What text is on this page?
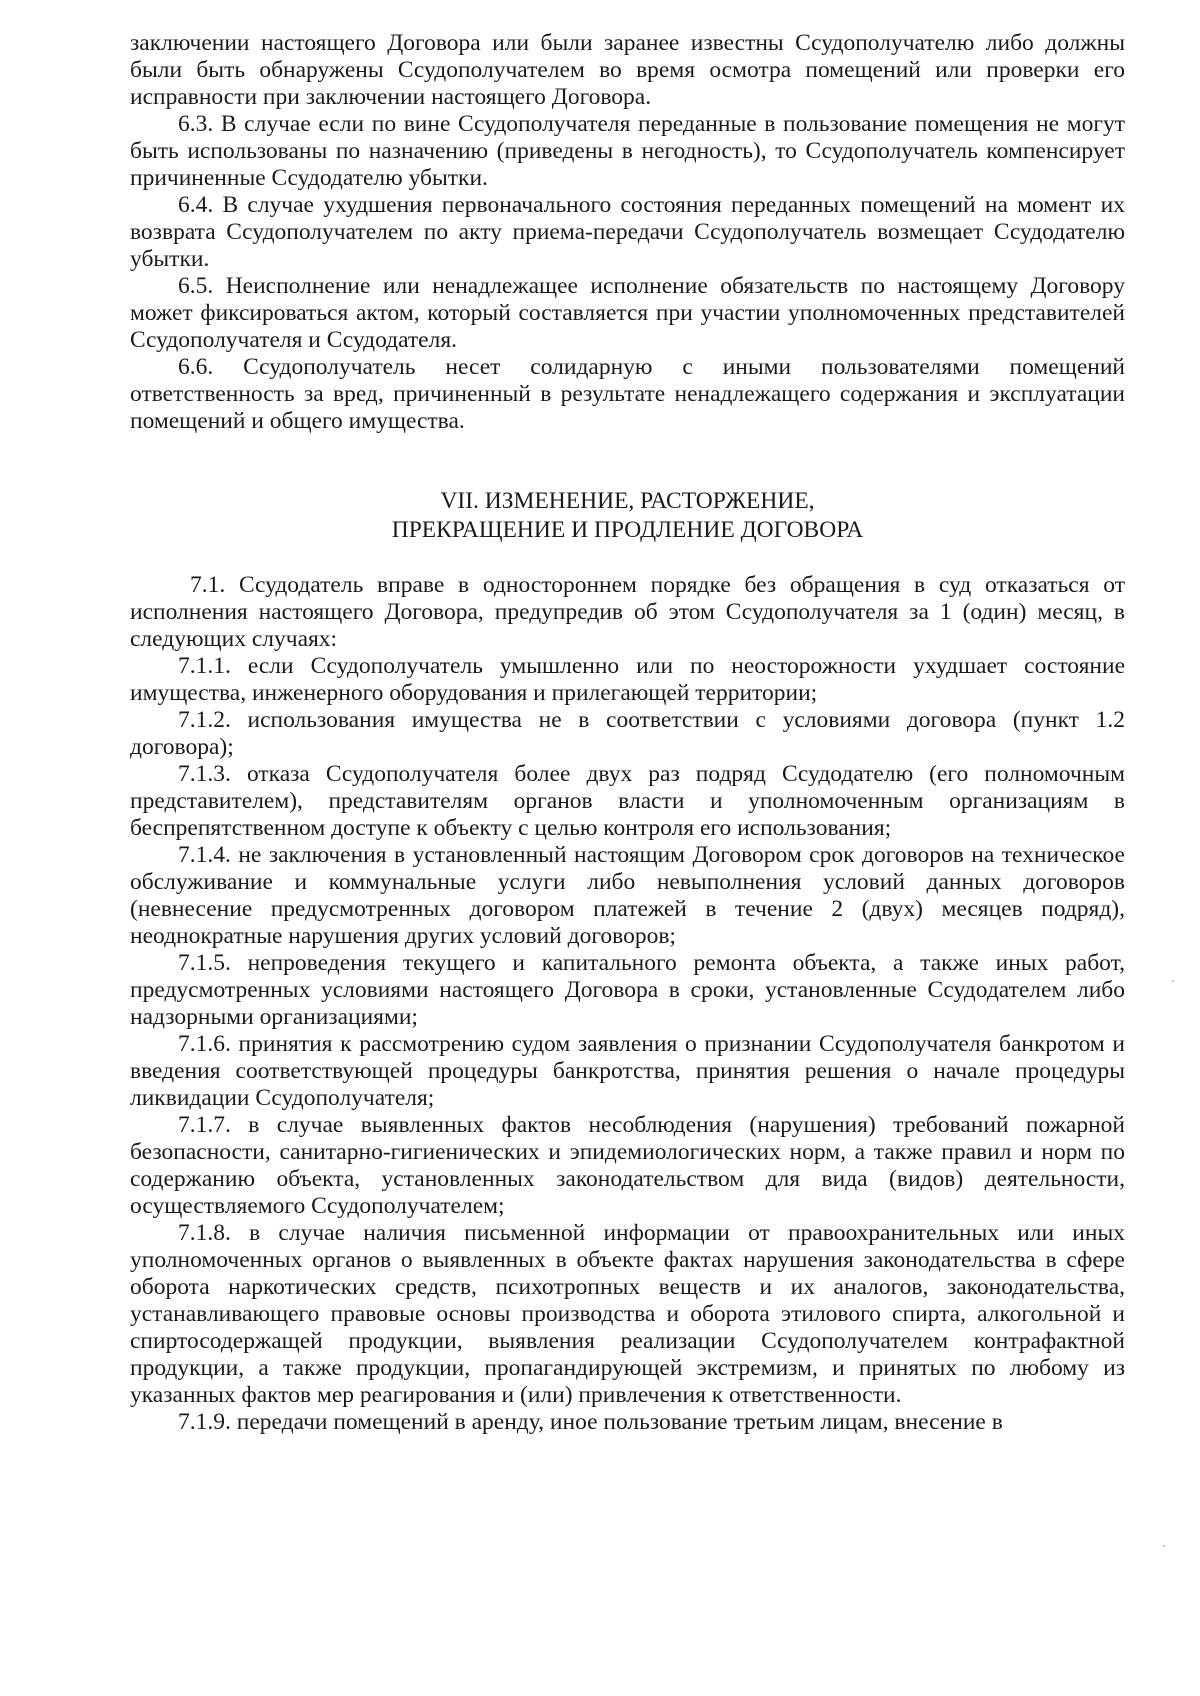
заключении настоящего Договора или были заранее известны Ссудополучателю либо должны были быть обнаружены Ссудополучателем во время осмотра помещений или проверки его исправности при заключении настоящего Договора.

6.3. В случае если по вине Ссудополучателя переданные в пользование помещения не могут быть использованы по назначению (приведены в негодность), то Ссудополучатель компенсирует причиненные Ссудодателю убытки.

6.4. В случае ухудшения первоначального состояния переданных помещений на момент их возврата Ссудополучателем по акту приема-передачи Ссудополучатель возмещает Ссудодателю убытки.

6.5. Неисполнение или ненадлежащее исполнение обязательств по настоящему Договору может фиксироваться актом, который составляется при участии уполномоченных представителей Ссудополучателя и Ссудодателя.

6.6. Ссудополучатель несет солидарную с иными пользователями помещений ответственность за вред, причиненный в результате ненадлежащего содержания и эксплуатации помещений и общего имущества.

VII. ИЗМЕНЕНИЕ, РАСТОРЖЕНИЕ,
ПРЕКРАЩЕНИЕ И ПРОДЛЕНИЕ ДОГОВОРА

7.1. Ссудодатель вправе в одностороннем порядке без обращения в суд отказаться от исполнения настоящего Договора, предупредив об этом Ссудополучателя за 1 (один) месяц, в следующих случаях:

7.1.1. если Ссудополучатель умышленно или по неосторожности ухудшает состояние имущества, инженерного оборудования и прилегающей территории;

7.1.2. использования имущества не в соответствии с условиями договора (пункт 1.2 договора);

7.1.3. отказа Ссудополучателя более двух раз подряд Ссудодателю (его полномочным представителем), представителям органов власти и уполномоченным организациям в беспрепятственном доступе к объекту с целью контроля его использования;

7.1.4. не заключения в установленный настоящим Договором срок договоров на техническое обслуживание и коммунальные услуги либо невыполнения условий данных договоров (невнесение предусмотренных договором платежей в течение 2 (двух) месяцев подряд), неоднократные нарушения других условий договоров;

7.1.5. непроведения текущего и капитального ремонта объекта, а также иных работ, предусмотренных условиями настоящего Договора в сроки, установленные Ссудодателем либо надзорными организациями;

7.1.6. принятия к рассмотрению судом заявления о признании Ссудополучателя банкротом и введения соответствующей процедуры банкротства, принятия решения о начале процедуры ликвидации Ссудополучателя;

7.1.7. в случае выявленных фактов несоблюдения (нарушения) требований пожарной безопасности, санитарно-гигиенических и эпидемиологических норм, а также правил и норм по содержанию объекта, установленных законодательством для вида (видов) деятельности, осуществляемого Ссудополучателем;

7.1.8. в случае наличия письменной информации от правоохранительных или иных уполномоченных органов о выявленных в объекте фактах нарушения законодательства в сфере оборота наркотических средств, психотропных веществ и их аналогов, законодательства, устанавливающего правовые основы производства и оборота этилового спирта, алкогольной и спиртосодержащей продукции, выявления реализации Ссудополучателем контрафактной продукции, а также продукции, пропагандирующей экстремизм, и принятых по любому из указанных фактов мер реагирования и (или) привлечения к ответственности.

7.1.9. передачи помещений в аренду, иное пользование третьим лицам, внесение в
